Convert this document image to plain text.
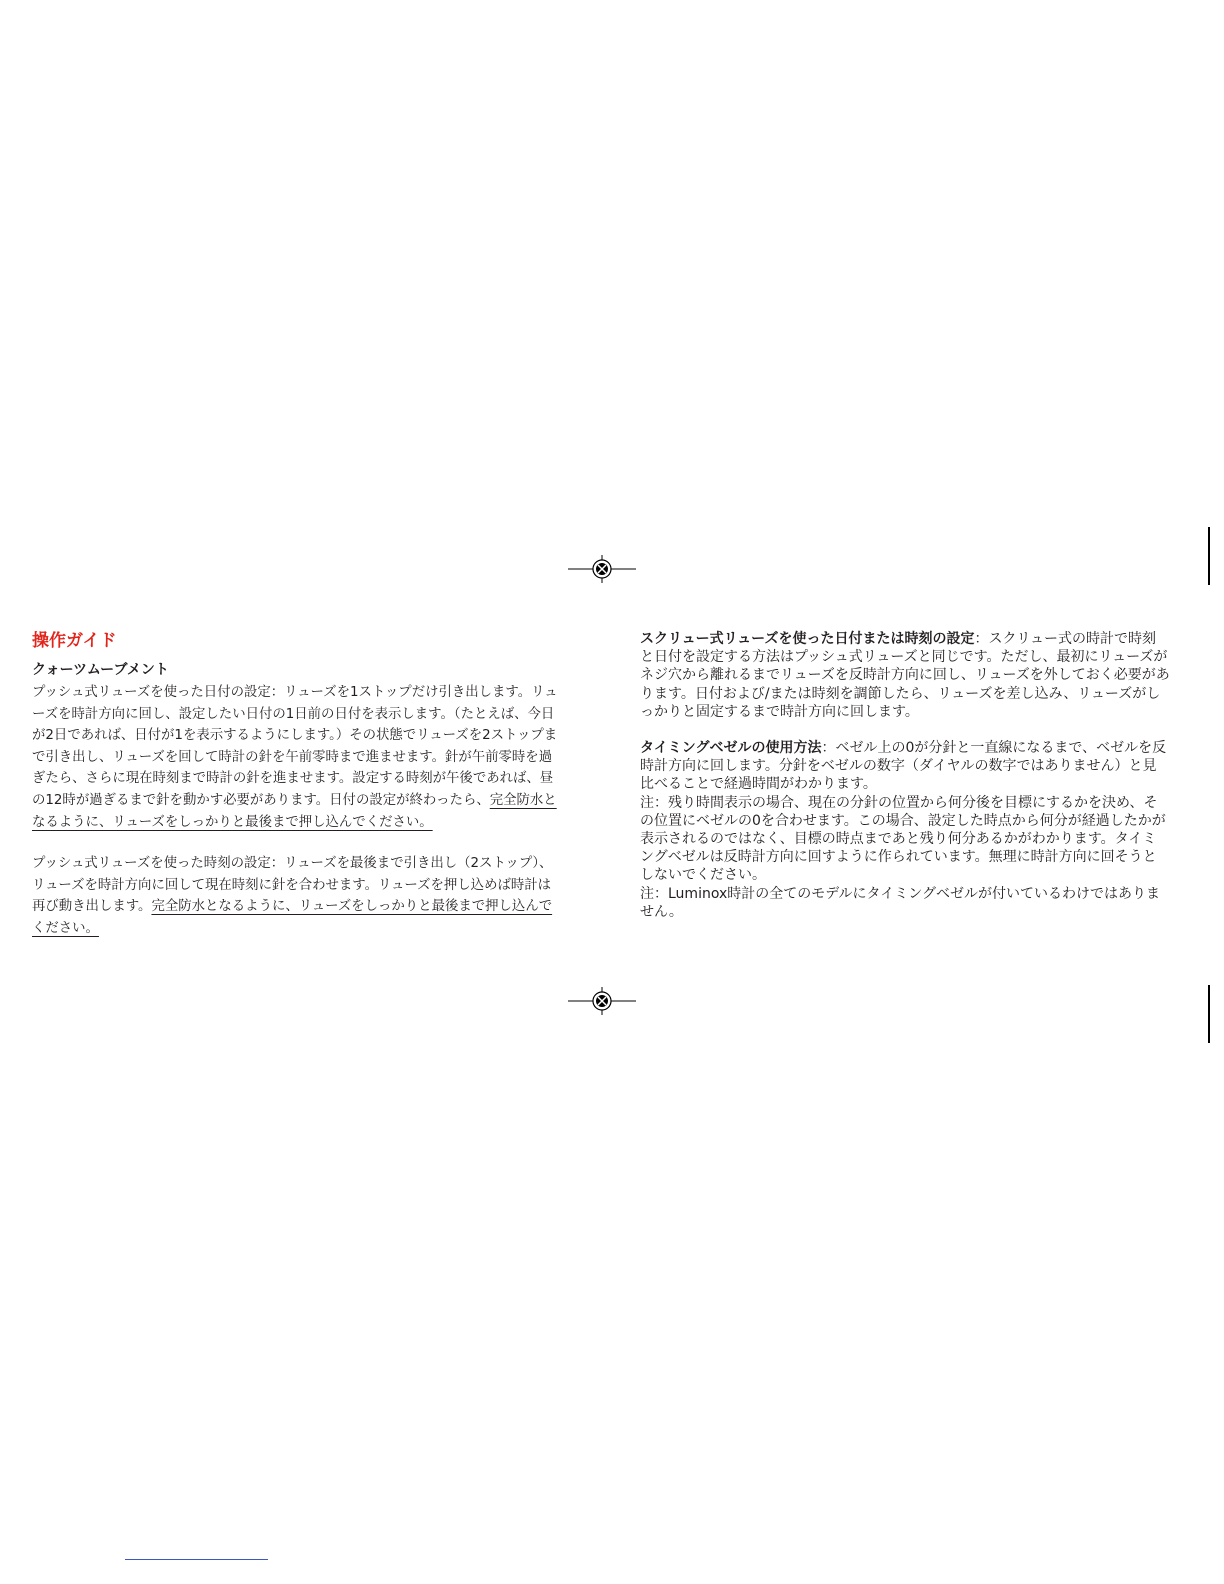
操作ガイド
クォーツムーブメント

プッシュ式リューズを使った日付の設定：リューズを1ストップだけ引き出します。リューズを時計方向に回し、設定したい日付の1日前の日付を表示します。（たとえば、今日が2日であれば、日付が1を表示するようにします。）その状態でリューズを2ストップまで引き出し、リューズを回して時計の針を午前零時まで進ませます。針が午前零時を過ぎたら、さらに現在時刻まで時計の針を進ませます。設定する時刻が午後であれば、昼の12時が過ぎるまで針を動かす必要があります。日付の設定が終わったら、完全防水となるように、リューズをしっかりと最後まで押し込んでください。

プッシュ式リューズを使った時刻の設定：リューズを最後まで引き出し（2ストップ）、リューズを時計方向に回して現在時刻に針を合わせます。リューズを押し込めば時計は再び動き出します。完全防水となるように、リューズをしっかりと最後まで押し込んでください。

スクリュー式リューズを使った日付または時刻の設定：スクリュー式の時計で時刻と日付を設定する方法はプッシュ式リューズと同じです。ただし、最初にリューズがネジ穴から離れるまでリューズを反時計方向に回し、リューズを外しておく必要があります。日付および/または時刻を調節したら、リューズを差し込み、リューズがしっかりと固定するまで時計方向に回します。

タイミングベゼルの使用方法：ベゼル上の0が分針と一直線になるまで、ベゼルを反時計方向に回します。分針をベゼルの数字（ダイヤルの数字ではありません）と見比べることで経過時間がわかります。

注：残り時間表示の場合、現在の分針の位置から何分後を目標にするかを決め、その位置にベゼルの0を合わせます。この場合、設定した時点から何分が経過したかが表示されるのではなく、目標の時点まであと残り何分あるかがわかります。タイミングベゼルは反時計方向に回すように作られています。無理に時計方向に回そうとしないでください。

注：Luminox時計の全てのモデルにタイミングベゼルが付いているわけではありません。
